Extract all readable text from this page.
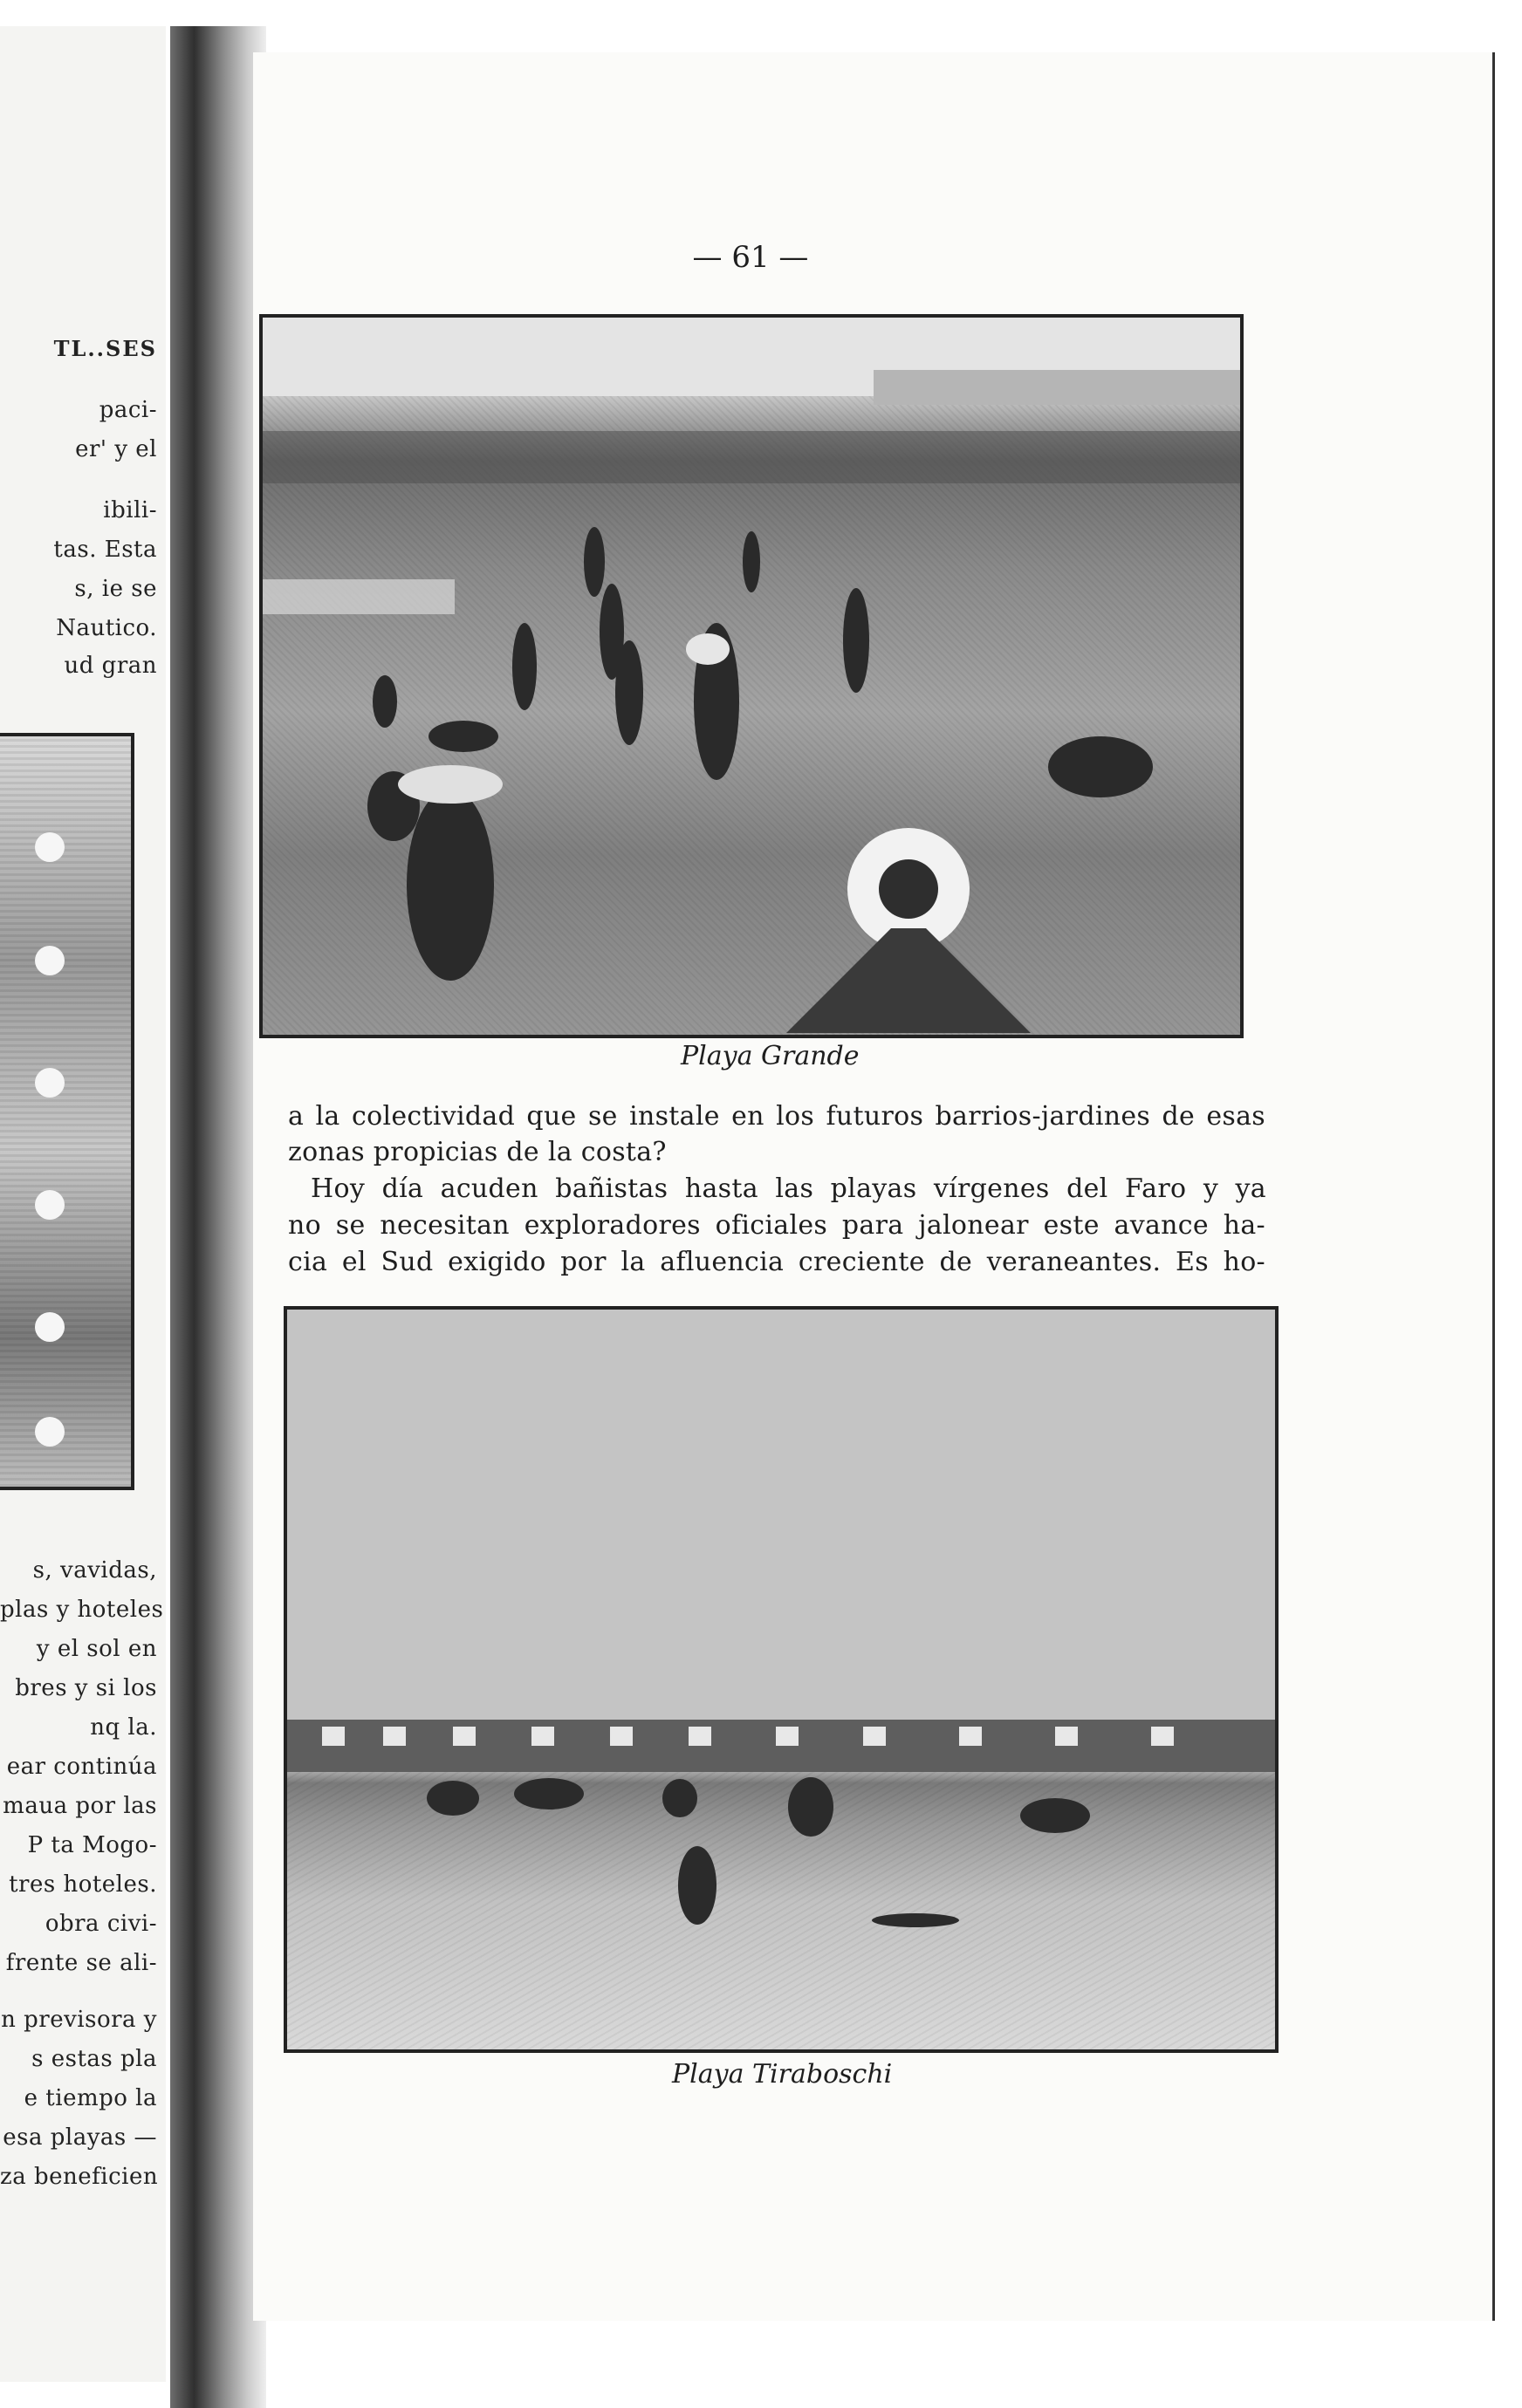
TL..SES
paci-
er' y el
ibili-
tas. Esta
s, ie se
Nautico.
ud gran
s, vavidas,
plas y hoteles
y el sol en
bres y si los
nq la.
ear continúa
maua por las
P ta Mogo-
tres hoteles.
obra civi-
frente se ali-
n previsora y
s estas pla
e tiempo la
esa playas —
za beneficien
— 61 —
Playa Grande
a la colectividad que se instale en los futuros barrios-jardines de esas
zonas propicias de la costa?
Hoy día acuden bañistas hasta las playas vírgenes del Faro y ya
no se necesitan exploradores oficiales para jalonear este avance ha-
cia el Sud exigido por la afluencia creciente de veraneantes. Es ho-
Playa Tiraboschi
